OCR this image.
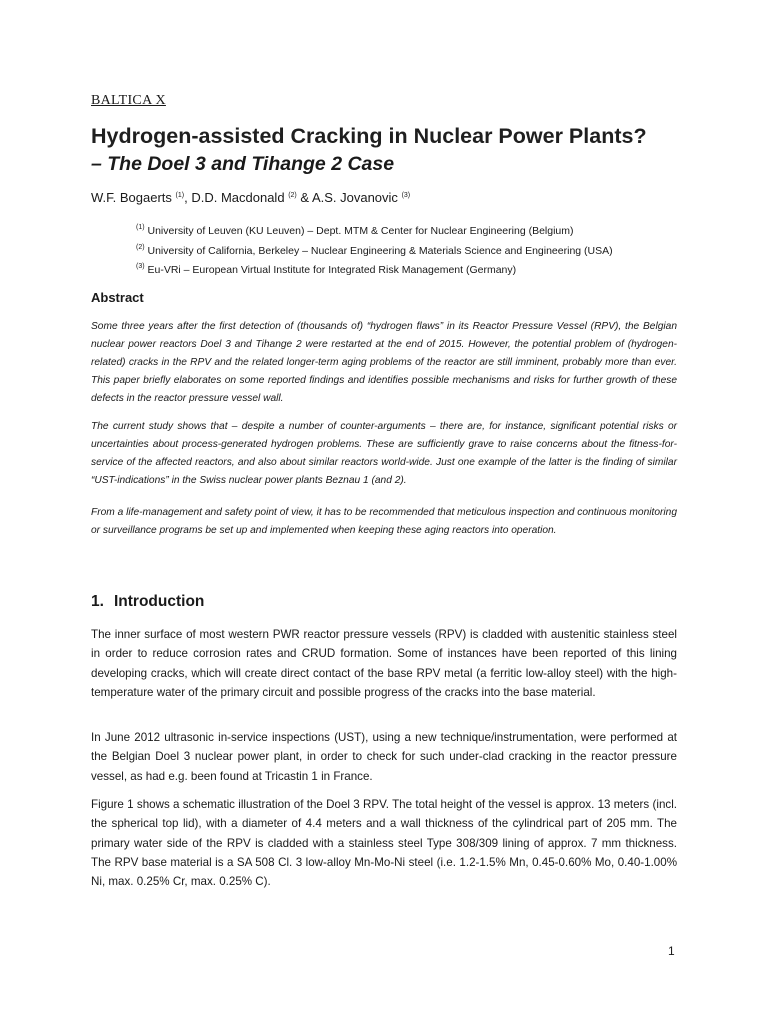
BALTICA X
Hydrogen-assisted Cracking in Nuclear Power Plants?
– The Doel 3 and Tihange 2 Case
W.F. Bogaerts $^{(1)}$, D.D. Macdonald $^{(2)}$ & A.S. Jovanovic $^{(3)}$
$^{(1)}$ University of Leuven (KU Leuven) – Dept. MTM & Center for Nuclear Engineering (Belgium)
$^{(2)}$ University of California, Berkeley – Nuclear Engineering & Materials Science and Engineering (USA)
$^{(3)}$ Eu-VRi – European Virtual Institute for Integrated Risk Management (Germany)
Abstract
Some three years after the first detection of (thousands of) “hydrogen flaws” in its Reactor Pressure Vessel (RPV), the Belgian nuclear power reactors Doel 3 and Tihange 2 were restarted at the end of 2015. However, the potential problem of (hydrogen-related) cracks in the RPV and the related longer-term aging problems of the reactor are still imminent, probably more than ever. This paper briefly elaborates on some reported findings and identifies possible mechanisms and risks for further growth of these defects in the reactor pressure vessel wall.
The current study shows that – despite a number of counter-arguments – there are, for instance, significant potential risks or uncertainties about process-generated hydrogen problems. These are sufficiently grave to raise concerns about the fitness-for-service of the affected reactors, and also about similar reactors world-wide. Just one example of the latter is the finding of similar “UST-indications” in the Swiss nuclear power plants Beznau 1 (and 2).
From a life-management and safety point of view, it has to be recommended that meticulous inspection and continuous monitoring or surveillance programs be set up and implemented when keeping these aging reactors into operation.
1. Introduction
The inner surface of most western PWR reactor pressure vessels (RPV) is cladded with austenitic stainless steel in order to reduce corrosion rates and CRUD formation. Some of instances have been reported of this lining developing cracks, which will create direct contact of the base RPV metal (a ferritic low-alloy steel) with the high-temperature water of the primary circuit and possible progress of the cracks into the base material.
In June 2012 ultrasonic in-service inspections (UST), using a new technique/instrumentation, were performed at the Belgian Doel 3 nuclear power plant, in order to check for such under-clad cracking in the reactor pressure vessel, as had e.g. been found at Tricastin 1 in France.
Figure 1 shows a schematic illustration of the Doel 3 RPV. The total height of the vessel is approx. 13 meters (incl. the spherical top lid), with a diameter of 4.4 meters and a wall thickness of the cylindrical part of 205 mm. The primary water side of the RPV is cladded with a stainless steel Type 308/309 lining of approx. 7 mm thickness. The RPV base material is a SA 508 Cl. 3 low-alloy Mn-Mo-Ni steel (i.e. 1.2-1.5% Mn, 0.45-0.60% Mo, 0.40-1.00% Ni, max. 0.25% Cr, max. 0.25% C).
1
